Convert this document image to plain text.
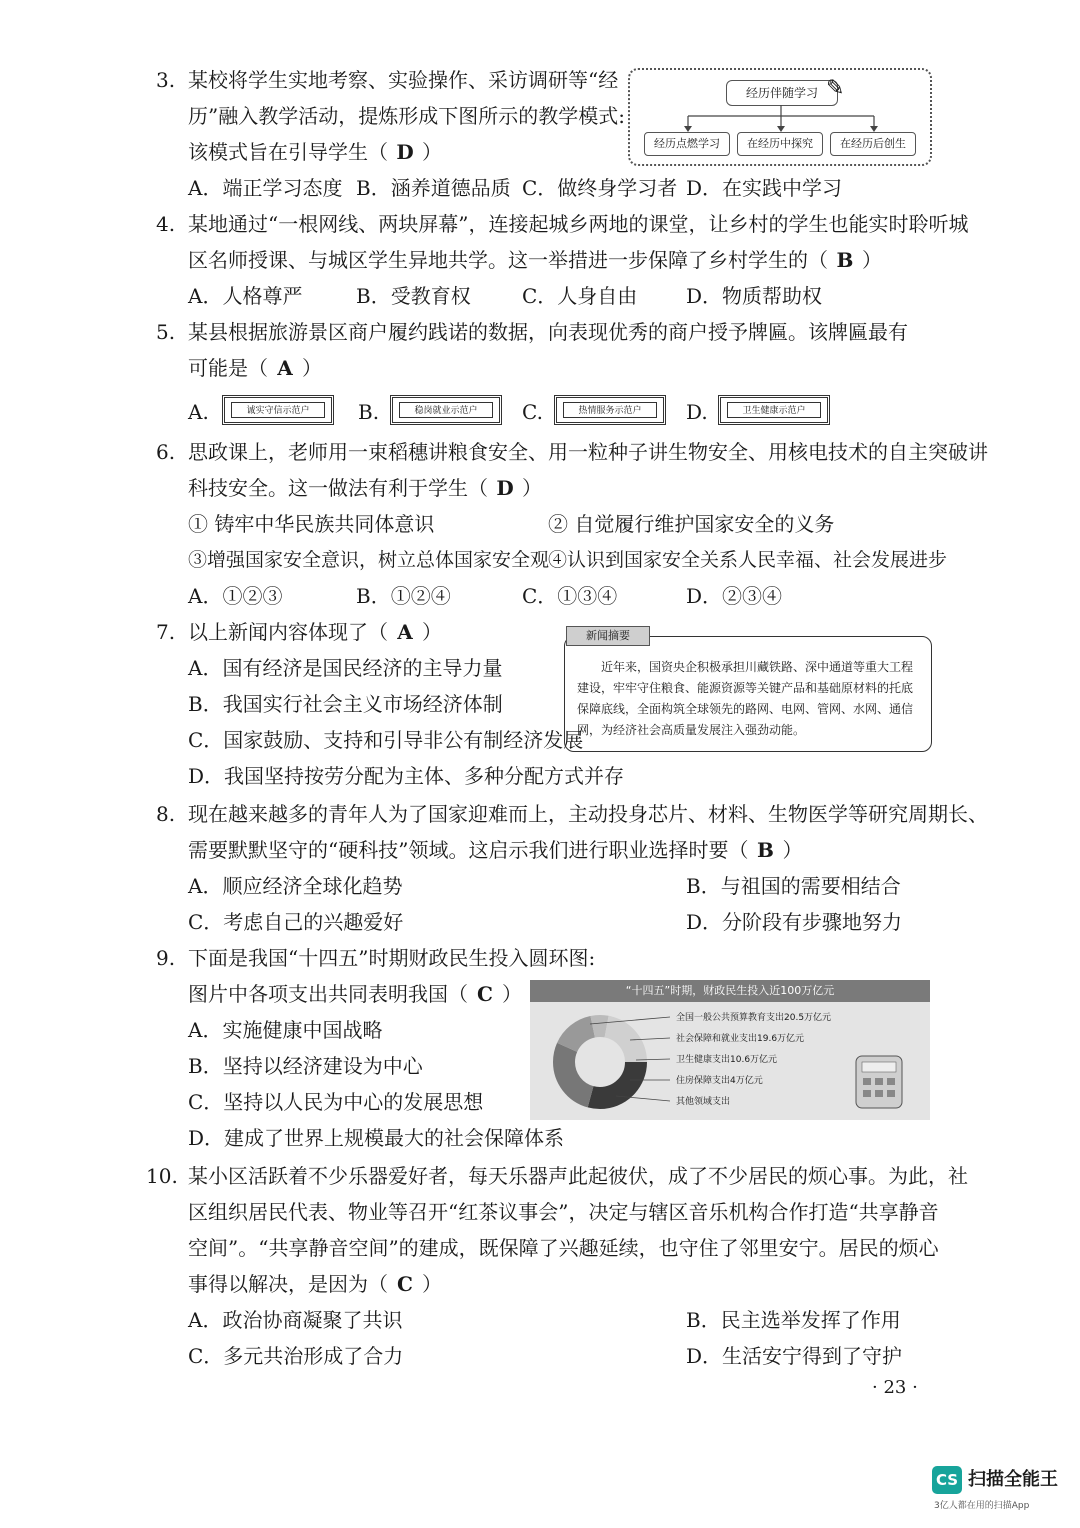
3. 某校将学生实地考察、实验操作、采访调研等“经
历”融入教学活动，提炼形成下图所示的教学模式:
该模式旨在引导学生（ D ）
A．端正学习态度 B．涵养道德品质 C．做终身学习者 D．在实践中学习
经历伴随学习 ✎
经历点燃学习	在经历中探究	在经历后创生
4. 某地通过“一根网线、两块屏幕”，连接起城乡两地的课堂，让乡村的学生也能实时聆听城
区名师授课、与城区学生异地共学。这一举措进一步保障了乡村学生的（ B ）
A．人格尊严	B．受教育权	C．人身自由 D．物质帮助权
5. 某县根据旅游景区商户履约践诺的数据，向表现优秀的商户授予牌匾。该牌匾最有
可能是（ A ）
A.	诚实守信示范户	B.	稳岗就业示范户	C.	热情服务示范户	D.	卫生健康示范户
6. 思政课上，老师用一束稻穗讲粮食安全、用一粒种子讲生物安全、用核电技术的自主突破讲
科技安全。这一做法有利于学生（ D ）
① 铸牢中华民族共同体意识	② 自觉履行维护国家安全的义务
③增强国家安全意识，树立总体国家安全观
④认识到国家安全关系人民幸福、社会发展进步
A．①②③	B．①②④	C．①③④	D．②③④
7. 以上新闻内容体现了（ A ）
A．国有经济是国民经济的主导力量
B．我国实行社会主义市场经济体制
C．国家鼓励、支持和引导非公有制经济发展
D．我国坚持按劳分配为主体、多种分配方式并存
近年来，国资央企积极承担川藏铁路、深中通道等重大工程建设，牢牢守住粮食、能源资源等关键产品和基础原材料的托底保障底线，全面构筑全球领先的路网、电网、管网、水网、通信网，为经济社会高质量发展注入强劲动能。
新闻摘要
8. 现在越来越多的青年人为了国家迎难而上，主动投身芯片、材料、生物医学等研究周期长、
需要默默坚守的“硬科技”领域。这启示我们进行职业选择时要（ B ）
A．顺应经济全球化趋势	B．与祖国的需要相结合
C．考虑自己的兴趣爱好	D．分阶段有步骤地努力
9. 下面是我国“十四五”时期财政民生投入圆环图:
图片中各项支出共同表明我国（ C ）
A．实施健康中国战略
B．坚持以经济建设为中心
C．坚持以人民为中心的发展思想
D．建成了世界上规模最大的社会保障体系
“十四五”时期，财政民生投入近100万亿元
全国一般公共预算教育支出20.5万亿元
社会保障和就业支出19.6万亿元
卫生健康支出10.6万亿元
住房保障支出4万亿元
其他领域支出
10. 某小区活跃着不少乐器爱好者，每天乐器声此起彼伏，成了不少居民的烦心事。为此，社
区组织居民代表、物业等召开“红茶议事会”，决定与辖区音乐机构合作打造“共享静音
空间”。“共享静音空间”的建成，既保障了兴趣延续，也守住了邻里安宁。居民的烦心
事得以解决，是因为（ C ）
A．政治协商凝聚了共识	B．民主选举发挥了作用
C．多元共治形成了合力	D．生活安宁得到了守护
· 23 ·
CS 扫描全能王
3亿人都在用的扫描App
